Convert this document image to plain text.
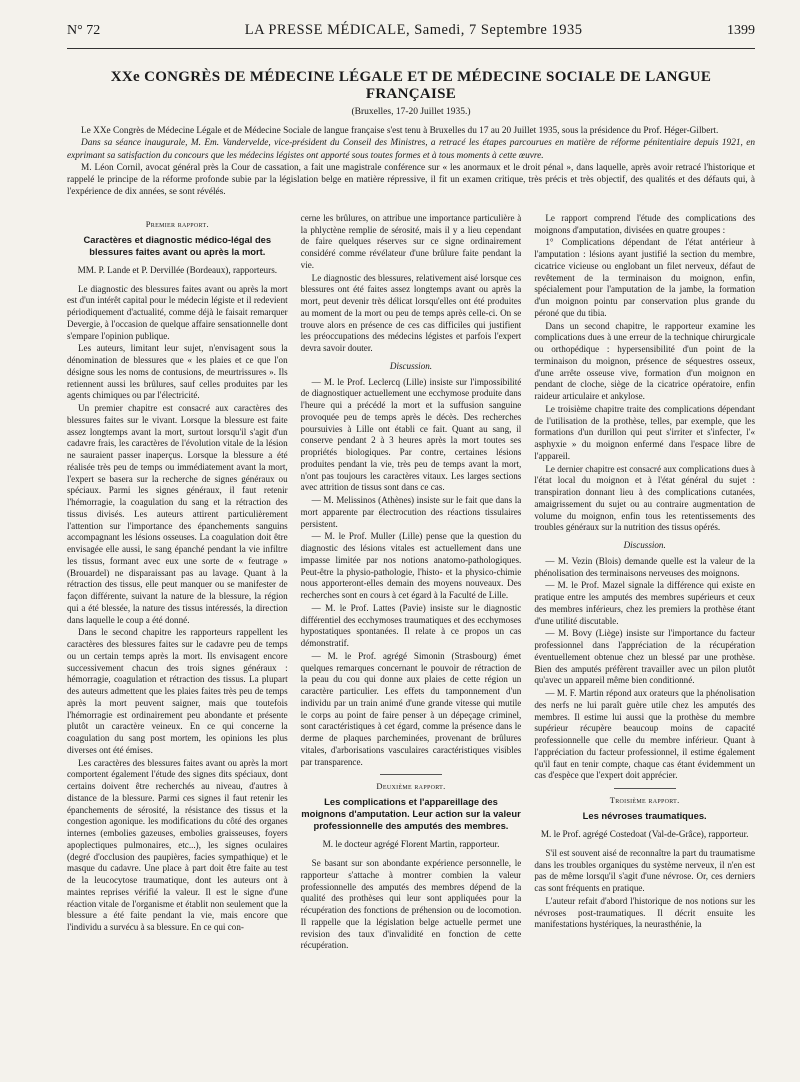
N° 72	LA PRESSE MÉDICALE, Samedi, 7 Septembre 1935	1399
XXe CONGRÈS DE MÉDECINE LÉGALE ET DE MÉDECINE SOCIALE DE LANGUE FRANÇAISE
(Bruxelles, 17-20 Juillet 1935.)

Le XXe Congrès de Médecine Légale et de Médecine Sociale de langue française s'est tenu à Bruxelles du 17 au 20 Juillet 1935, sous la présidence du Prof. Héger-Gilbert.

Dans sa séance inaugurale, M. Em. Vandervelde, vice-président du Conseil des Ministres, a retracé les étapes parcourues en matière de réforme pénitentiaire depuis 1921, en exprimant sa satisfaction du concours que les médecins légistes ont apporté sous toutes formes et à tous moments à cette œuvre.

M. Léon Cornil, avocat général près la Cour de cassation, a fait une magistrale conférence sur « les anormaux et le droit pénal », dans laquelle, après avoir retracé l'historique et rappelé le principe de la réforme profonde subie par la législation belge en matière répressive, il fit un examen critique, très précis et très objectif, des qualités et des défauts qui, à l'expérience de dix années, se sont révélés.

Premier rapport.
Caractères et diagnostic médico-légal des blessures faites avant ou après la mort.
MM. P. Lande et P. Dervillée (Bordeaux), rapporteurs.

Le diagnostic des blessures faites avant ou après la mort est d'un intérêt capital pour le médecin légiste et il redevient périodiquement d'actualité, comme déjà le faisait remarquer Devergie, à l'occasion de quelque affaire sensationnelle dont s'empare l'opinion publique.

Les auteurs, limitant leur sujet, n'envisagent sous la dénomination de blessures que « les plaies et ce que l'on désigne sous les noms de contusions, de meurtrissures ». Ils retiennent aussi les brûlures, sauf celles produites par les agents chimiques ou par l'électricité.

Un premier chapitre est consacré aux caractères des blessures faites sur le vivant. Lorsque la blessure est faite assez longtemps avant la mort, surtout lorsqu'il s'agit d'un cadavre frais, les caractères de l'évolution vitale de la lésion ne sauraient passer inaperçus. Lorsque la blessure a été réalisée très peu de temps ou immédiatement avant la mort, l'expert se basera sur la recherche de signes généraux ou spéciaux. Parmi les signes généraux, il faut retenir l'hémorragie, la coagulation du sang et la rétraction des tissus divisés. Les auteurs attirent particulièrement l'attention sur l'importance des épanchements sanguins accompagnant les lésions osseuses. La coagulation doit être envisagée elle aussi, le sang épanché pendant la vie infiltre les tissus, formant avec eux une sorte de « feutrage » (Brouardel) ne disparaissant pas au lavage. Quant à la rétraction des tissus, elle peut manquer ou se manifester de façon différente, suivant la nature de la blessure, la région qui a été blessée, la nature des tissus intéressés, la direction dans laquelle le coup a été donné.

Dans le second chapitre les rapporteurs rappellent les caractères des blessures faites sur le cadavre peu de temps ou un certain temps après la mort. Ils envisagent encore successivement chacun des trois signes généraux : hémorragie, coagulation et rétraction des tissus. La plupart des auteurs admettent que les plaies faites très peu de temps après la mort peuvent saigner, mais que toutefois l'hémorragie est ordinairement peu abondante et présente plutôt un caractère veineux. En ce qui concerne la coagulation du sang post mortem, les opinions les plus diverses ont été émises.

Les caractères des blessures faites avant ou après la mort comportent également l'étude des signes dits spéciaux, dont certains doivent être recherchés au niveau, d'autres à distance de la blessure. Parmi ces signes il faut retenir les épanchements de sérosité, la résistance des tissus et la congestion agonique. les modifications du côté des organes internes (embolies gazeuses, embolies graisseuses, foyers apoplectiques pulmonaires, etc...), les signes oculaires (degré d'occlusion des paupières, facies sympathique) et le masque du cadavre. Une place à part doit être faite au test de la leucocytose traumatique, dont les auteurs ont à maintes reprises vérifié la valeur. Il est le signe d'une réaction vitale de l'organisme et établit non seulement que la blessure a été faite pendant la vie, mais encore que l'individu a survécu à sa blessure. En ce qui con-

cerne les brûlures, on attribue une importance particulière à la phlyctène remplie de sérosité, mais il y a lieu cependant de faire quelques réserves sur ce signe ordinairement considéré comme révélateur d'une brûlure faite pendant la vie.

Le diagnostic des blessures, relativement aisé lorsque ces blessures ont été faites assez longtemps avant ou après la mort, peut devenir très délicat lorsqu'elles ont été produites au moment de la mort ou peu de temps après celle-ci. On se trouve alors en présence de ces cas difficiles qui justifient les préoccupations des médecins légistes et parfois l'expert devra savoir douter.

Discussion.

— M. le Prof. Leclercq (Lille) insiste sur l'impossibilité de diagnostiquer actuellement une ecchymose produite dans l'heure qui a précédé la mort et la suffusion sanguine provoquée peu de temps après le décès. Des recherches poursuivies à Lille ont établi ce fait. Quant au sang, il conserve pendant 2 à 3 heures après la mort toutes ses propriétés biologiques. Par contre, certaines lésions produites pendant la vie, très peu de temps avant la mort, n'ont pas toujours les caractères vitaux. Les larges sections avec attrition de tissus sont dans ce cas.

— M. Melissinos (Athènes) insiste sur le fait que dans la mort apparente par électrocution des réactions tissulaires persistent.

— M. le Prof. Muller (Lille) pense que la question du diagnostic des lésions vitales est actuellement dans une impasse limitée par nos notions anatomo-pathologiques. Peut-être la physio-pathologie, l'histo- et la physico-chimie nous apporteront-elles demain des moyens nouveaux. Des recherches sont en cours à cet égard à la Faculté de Lille.

— M. le Prof. Lattes (Pavie) insiste sur le diagnostic différentiel des ecchymoses traumatiques et des ecchymoses hypostatiques spontanées. Il relate à ce propos un cas démonstratif.

— M. le Prof. agrégé Simonin (Strasbourg) émet quelques remarques concernant le pouvoir de rétraction de la peau du cou qui donne aux plaies de cette région un caractère particulier. Les effets du tamponnement d'un individu par un train animé d'une grande vitesse qui mutile le corps au point de faire penser à un dépeçage criminel, sont caractéristiques à cet égard, comme la présence dans le derme de plaques parcheminées, provenant de brûlures vitales, d'arborisations vasculaires caractéristiques visibles par transparence.

Deuxième rapport.
Les complications et l'appareillage des moignons d'amputation. Leur action sur la valeur professionnelle des amputés des membres.
M. le docteur agrégé Florent Martin, rapporteur.

Se basant sur son abondante expérience personnelle, le rapporteur s'attache à montrer combien la valeur professionnelle des amputés des membres dépend de la qualité des prothèses qui leur sont appliquées pour la récupération des fonctions de préhension ou de locomotion. Il rappelle que la législation belge actuelle permet une revision des taux d'invalidité en fonction de cette récupération.

Le rapport comprend l'étude des complications des moignons d'amputation, divisées en quatre groupes :

1° Complications dépendant de l'état antérieur à l'amputation : lésions ayant justifié la section du membre, cicatrice vicieuse ou englobant un filet nerveux, défaut de revêtement de la terminaison du moignon, enfin, spécialement pour l'amputation de la jambe, la formation d'un moignon pointu par conservation plus grande du péroné que du tibia.

Dans un second chapitre, le rapporteur examine les complications dues à une erreur de la technique chirurgicale ou orthopédique : hypersensibilité d'un point de la terminaison du moignon, présence de séquestres osseux, d'une arrête osseuse vive, formation d'un moignon en pendant de cloche, siège de la cicatrice opératoire, enfin raideur articulaire et ankylose.

Le troisième chapitre traite des complications dépendant de l'utilisation de la prothèse, telles, par exemple, que les formations d'un durillon qui peut s'irriter et s'infecter, l'« asphyxie » du moignon enfermé dans l'espace libre de l'appareil.

Le dernier chapitre est consacré aux complications dues à l'état local du moignon et à l'état général du sujet : transpiration donnant lieu à des complications cutanées, amaigrissement du sujet ou au contraire augmentation de volume du moignon, enfin tous les retentissements des troubles généraux sur la nutrition des tissus opérés.

Discussion.

— M. Vezin (Blois) demande quelle est la valeur de la phénolisation des terminaisons nerveuses des moignons.

— M. le Prof. Mazel signale la différence qui existe en pratique entre les amputés des membres supérieurs et ceux des membres inférieurs, chez les premiers la prothèse étant d'une utilité discutable.

— M. Bovy (Liège) insiste sur l'importance du facteur professionnel dans l'appréciation de la récupération éventuellement obtenue chez un blessé par une prothèse. Bien des amputés préfèrent travailler avec un pilon plutôt qu'avec un appareil même bien conditionné.

— M. F. Martin répond aux orateurs que la phénolisation des nerfs ne lui paraît guère utile chez les amputés des membres. Il estime lui aussi que la prothèse du membre supérieur récupère beaucoup moins de capacité professionnelle que celle du membre inférieur. Quant à l'appréciation du facteur professionnel, il estime également qu'il faut en tenir compte, chaque cas étant évidemment un cas d'espèce que l'expert doit apprécier.

Troisième rapport.
Les névroses traumatiques.
M. le Prof. agrégé Costedoat (Val-de-Grâce), rapporteur.

S'il est souvent aisé de reconnaître la part du traumatisme dans les troubles organiques du système nerveux, il n'en est pas de même lorsqu'il s'agit d'une névrose. Or, ces derniers cas sont fréquents en pratique.

L'auteur refait d'abord l'historique de nos notions sur les névroses post-traumatiques. Il décrit ensuite les manifestations hystériques, la neurasthénie, la
